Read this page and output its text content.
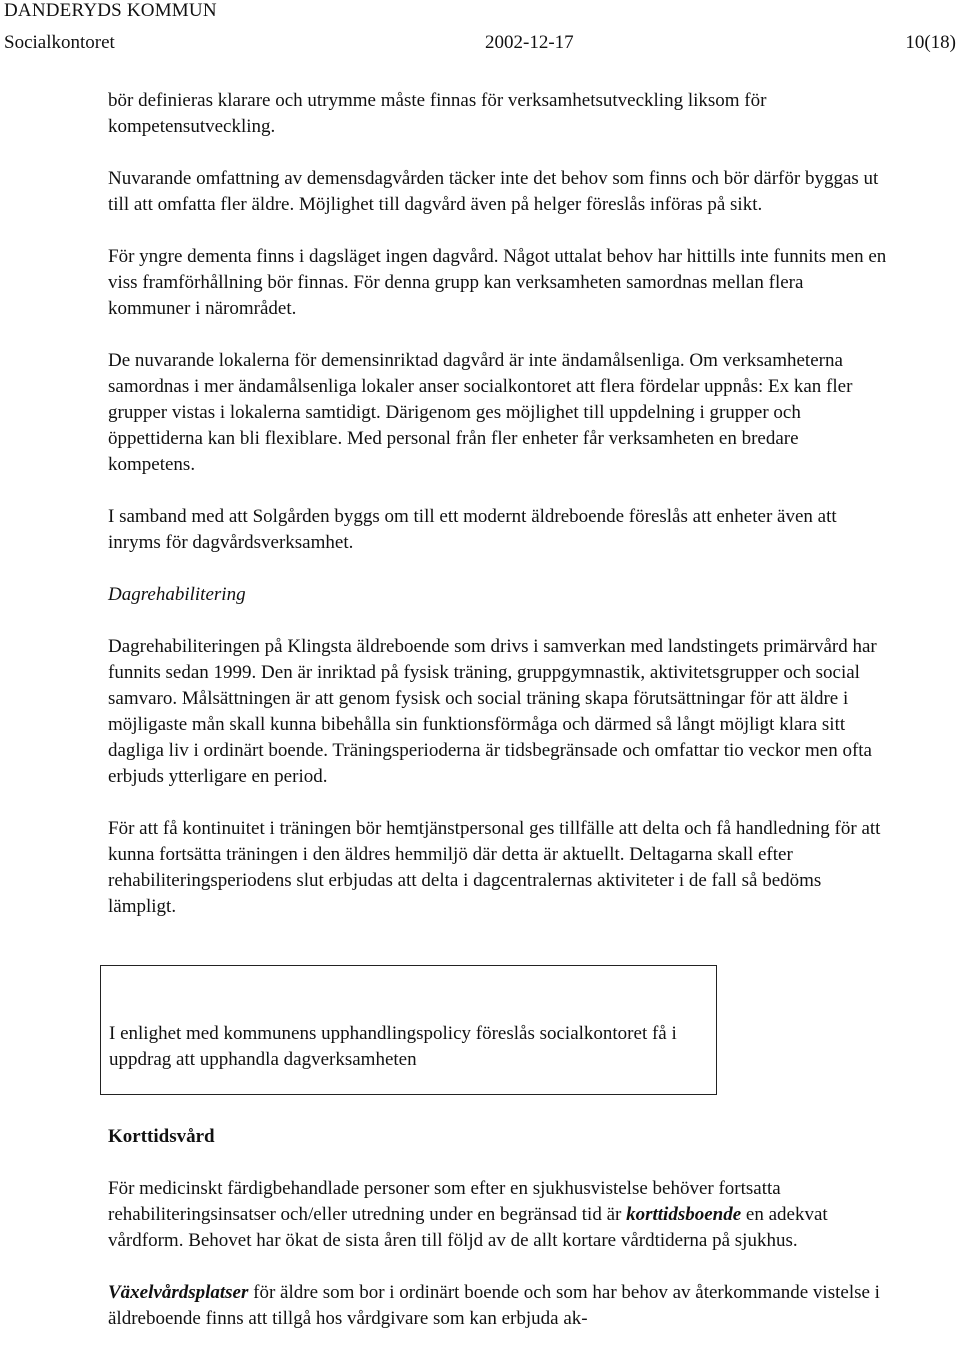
DANDERYDS KOMMUN
Socialkontoret	2002-12-17	10(18)

bör definieras klarare och utrymme måste finnas för verksamhetsutveckling liksom för kompetensutveckling.

Nuvarande omfattning av demensdagvården täcker inte det behov som finns och bör därför byggas ut till att omfatta fler äldre. Möjlighet till dagvård även på helger föreslås införas på sikt.

För yngre dementa finns i dagsläget ingen dagvård. Något uttalat behov har hittills inte funnits men en viss framförhållning bör finnas. För denna grupp kan verksamheten samordnas mellan flera kommuner i närområdet.

De nuvarande lokalerna för demensinriktad dagvård är inte ändamålsenliga. Om verksamheterna samordnas i mer ändamålsenliga lokaler anser socialkontoret att flera fördelar uppnås: Ex kan fler grupper vistas i lokalerna samtidigt. Därigenom ges möjlighet till uppdelning i grupper och öppettiderna kan bli flexiblare. Med personal från fler enheter får verksamheten en bredare kompetens.

I samband med att Solgården byggs om till ett modernt äldreboende föreslås att enheter även att inryms för dagvårdsverksamhet.

Dagrehabilitering

Dagrehabiliteringen på Klingsta äldreboende som drivs i samverkan med landstingets primärvård har funnits sedan 1999. Den är inriktad på fysisk träning, gruppgymnastik, aktivitetsgrupper och social samvaro. Målsättningen är att genom fysisk och social träning skapa förutsättningar för att äldre i möjligaste mån skall kunna bibehålla sin funktionsförmåga och därmed så långt möjligt klara sitt dagliga liv i ordinärt boende. Träningsperioderna är tidsbegränsade och omfattar tio veckor men ofta erbjuds ytterligare en period.

För att få kontinuitet i träningen bör hemtjänstpersonal ges tillfälle att delta och få handledning för att kunna fortsätta träningen i den äldres hemmiljö där detta är aktuellt. Deltagarna skall efter rehabiliteringsperiodens slut erbjudas att delta i dagcentralernas aktiviteter i de fall så bedöms lämpligt.

I enlighet med kommunens upphandlingspolicy föreslås socialkontoret få i uppdrag att upphandla dagverksamheten

Korttidsvård

För medicinskt färdigbehandlade personer som efter en sjukhusvistelse behöver fortsatta rehabiliteringsinsatser och/eller utredning under en begränsad tid är korttidsboende en adekvat vårdform. Behovet har ökat de sista åren till följd av de allt kortare vårdtiderna på sjukhus.

Växelvårdsplatser för äldre som bor i ordinärt boende och som har behov av återkommande vistelse i äldreboende finns att tillgå hos vårdgivare som kan erbjuda ak-
